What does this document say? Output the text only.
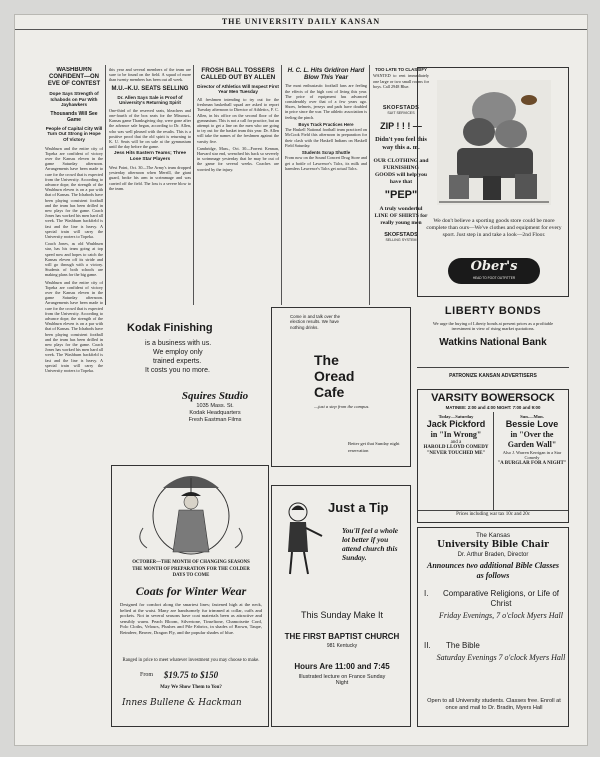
THE UNIVERSITY DAILY KANSAN
WASHBURN CONFIDENT—ON EVE OF CONTEST
Dope Says Strength of Ichabods on Par With Jayhawkers
Thousands Will See Game
People of Capital City Will Turn Out Strong in Hope Of Victory

Washburn and the entire city of Topeka are confident of victory over the Kansas eleven in the game Saturday afternoon. Arrangements have been made to care for the crowd that is expected from the University. According to advance dope, the strength of the Washburn eleven is on a par with that of Kansas. The Ichabods have been playing consistent football and the team has been drilled in new plays for the game. Coach Jones has worked his men hard all week. The Washburn backfield is fast and the line is heavy. A special train will carry the University rooters to Topeka.

Coach Jones, as old Washburn star, has his team going at top speed now and hopes to catch the Kansas eleven off its stride and will go through with a victory. Students of both schools are making plans for the big game.

Washburn and the entire city of Topeka are confident of victory over the Kansas eleven in the game Saturday afternoon. Arrangements have been made to care for the crowd that is expected from the University. According to advance dope, the strength of the Washburn eleven is on a par with that of Kansas. The Ichabods have been playing consistent football and the team has been drilled in new plays for the game. Coach Jones has worked his men hard all week. The Washburn backfield is fast and the line is heavy. A special train will carry the University rooters to Topeka.

this year and several members of the team are sure to be found on the field. A squad of more than twenty members has been out all week.

M.U.–K.U. SEATS SELLING
Dr. Allen Says Sale is Proof of University's Returning Spirit

One-third of the reserved seats, bleachers and one-fourth of the box seats for the Missouri–Kansas game Thanksgiving day, were gone after the advance sale began, according to Dr. Allen, who was well pleased with the results. This is a positive proof that the old spirit is returning to K. U. Seats will be on sale at the gymnasium until the day before the game.

Jess Hits Eastern Teams; Three Lose Star Players

West Point, Oct. 30—The Army's team dropped yesterday afternoon when Merrill, the giant guard, broke his arm in scrimmage and was carried off the field. The loss is a severe blow to the team.

FROSH BALL TOSSERS CALLED OUT BY ALLEN
Director of Athletics Will Inspect First Year Men Tuesday

All freshmen intending to try out for the freshman basketball squad are asked to report Tuesday afternoon to Director of Athletics, F. C. Allen, in his office on the second floor of the gymnasium. This is not a call for practice, but an attempt to get a line on the men who are going to try out for the basket team this year. Dr. Allen will take the names of the freshmen against the varsity five.

Cambridge, Mass., Oct. 30—Forrest Kennan, Harvard star end, wrenched his back so severely in scrimmage yesterday that he may be out of the game for several weeks. Coaches are worried by the injury.

H. C. L. Hits Gridiron Hard Blow This Year

The most enthusiastic football fans are feeling the effects of the high cost of living this year. The price of equipment has advanced considerably over that of a few years ago. Shoes, helmets, jerseys and pads have doubled in price since the war. The athletic association is feeling the pinch.

Boys Track Practices Here

The Haskell National football team practiced on McCook Field this afternoon in preparation for their clash with the Haskell Indians on Haskell Field Saturday.

Students Scrap Shuttle

From now on the Sound Concert Drug Store and get a bottle of Lawrence's Talcs, its milk and harmless Lawrence's Talcs get actual Talcs.

TOO LATE TO CLASSIFY

WANTED to rent immediately one large or two small rooms for boys. Call 2948 Blue.

SKOFSTADS
SUIT SERVICES
ZIP ! ! ! —
Didn't you feel this way this a. m.
OUR CLOTHING and FURNISHING GOODS will help you have that
"PEP"
A truly wonderful LINE OF SHIRTS for really young men
SKOFSTADS
SELLING SYSTEM
We don't believe a sporting goods store could be more complete than ours—We've clothes and equipment for every sport. Just step in and take a look—2nd Floor.
Ober's
HEAD TO FOOT OUTFITTER
LIBERTY BONDS
We urge the buying of Liberty bonds at present prices as a profitable investment in view of rising market quotations.
Watkins National Bank
PATRONIZE KANSAN ADVERTISERS
VARSITY BOWERSOCK
MATINEE: 2:00 and 4:00 NIGHT: 7:00 and 9:00
Today—Saturday
Jack Pickford
in "In Wrong"
and a
HAROLD LLOYD COMEDY
"NEVER TOUCHED ME"
Sun.—Mon.
Bessie Love
in "Over the Garden Wall"
Also J. Warren Kerrigan in a Star Comedy
"A BURGLAR FOR A NIGHT"
Prices including war tax 10c and 20c
Kodak Finishing
is a business with us.
We employ only
trained experts.
It costs you no more.
Squires Studio
1035 Mass. St.
Kodak Headquarters
Fresh Eastman Films
Come in and talk over the election results. We have nothing drinks.
The
Oread
Cafe
—just a step from the campus.
Better get that Sunday night reservation
OCTOBER—THE MONTH OF CHANGING SEASONS
THE MONTH OF PREPARATION FOR THE COLDER DAYS TO COME
Coats for Winter Wear
Designed for comfort along the smartest lines; fastened high at the neck, belted at the waist. Many are handsomely fur trimmed at collar, cuffs and pockets. Not in several seasons have coat materials been as attractive and sensibly warm. Peach Bloom, Silvertone, Tinseltone, Chamoisette Cord, Polo Cloths, Velours, Plushes and Pile Fabrics, in shades of Brown, Taupe, Reindeer, Beaver, Dragon Fly, and the popular shades of blue.
Ranged in price to meet whatever investment you may choose to make.
From	$19.75 to $150
May We Show Them to You?
Innes Bullene & Hackman
Just a Tip
You'll feel a whole lot better if you attend church this Sunday.
This Sunday Make It
THE FIRST BAPTIST CHURCH
981 Kentucky
Hours Are 11:00 and 7:45
Illustrated lecture on France Sunday Night
The Kansas
University Bible Chair
Dr. Arthur Braden, Director
Announces two additional Bible Classes as follows
I.	Comparative Religions, or Life of Christ
Friday Evenings, 7 o'clock Myers Hall
II. The Bible
Saturday Evenings 7 o'clock Myers Hall
Open to all University students. Classes free. Enroll at once and mail to Dr. Bradin, Myers Hall
